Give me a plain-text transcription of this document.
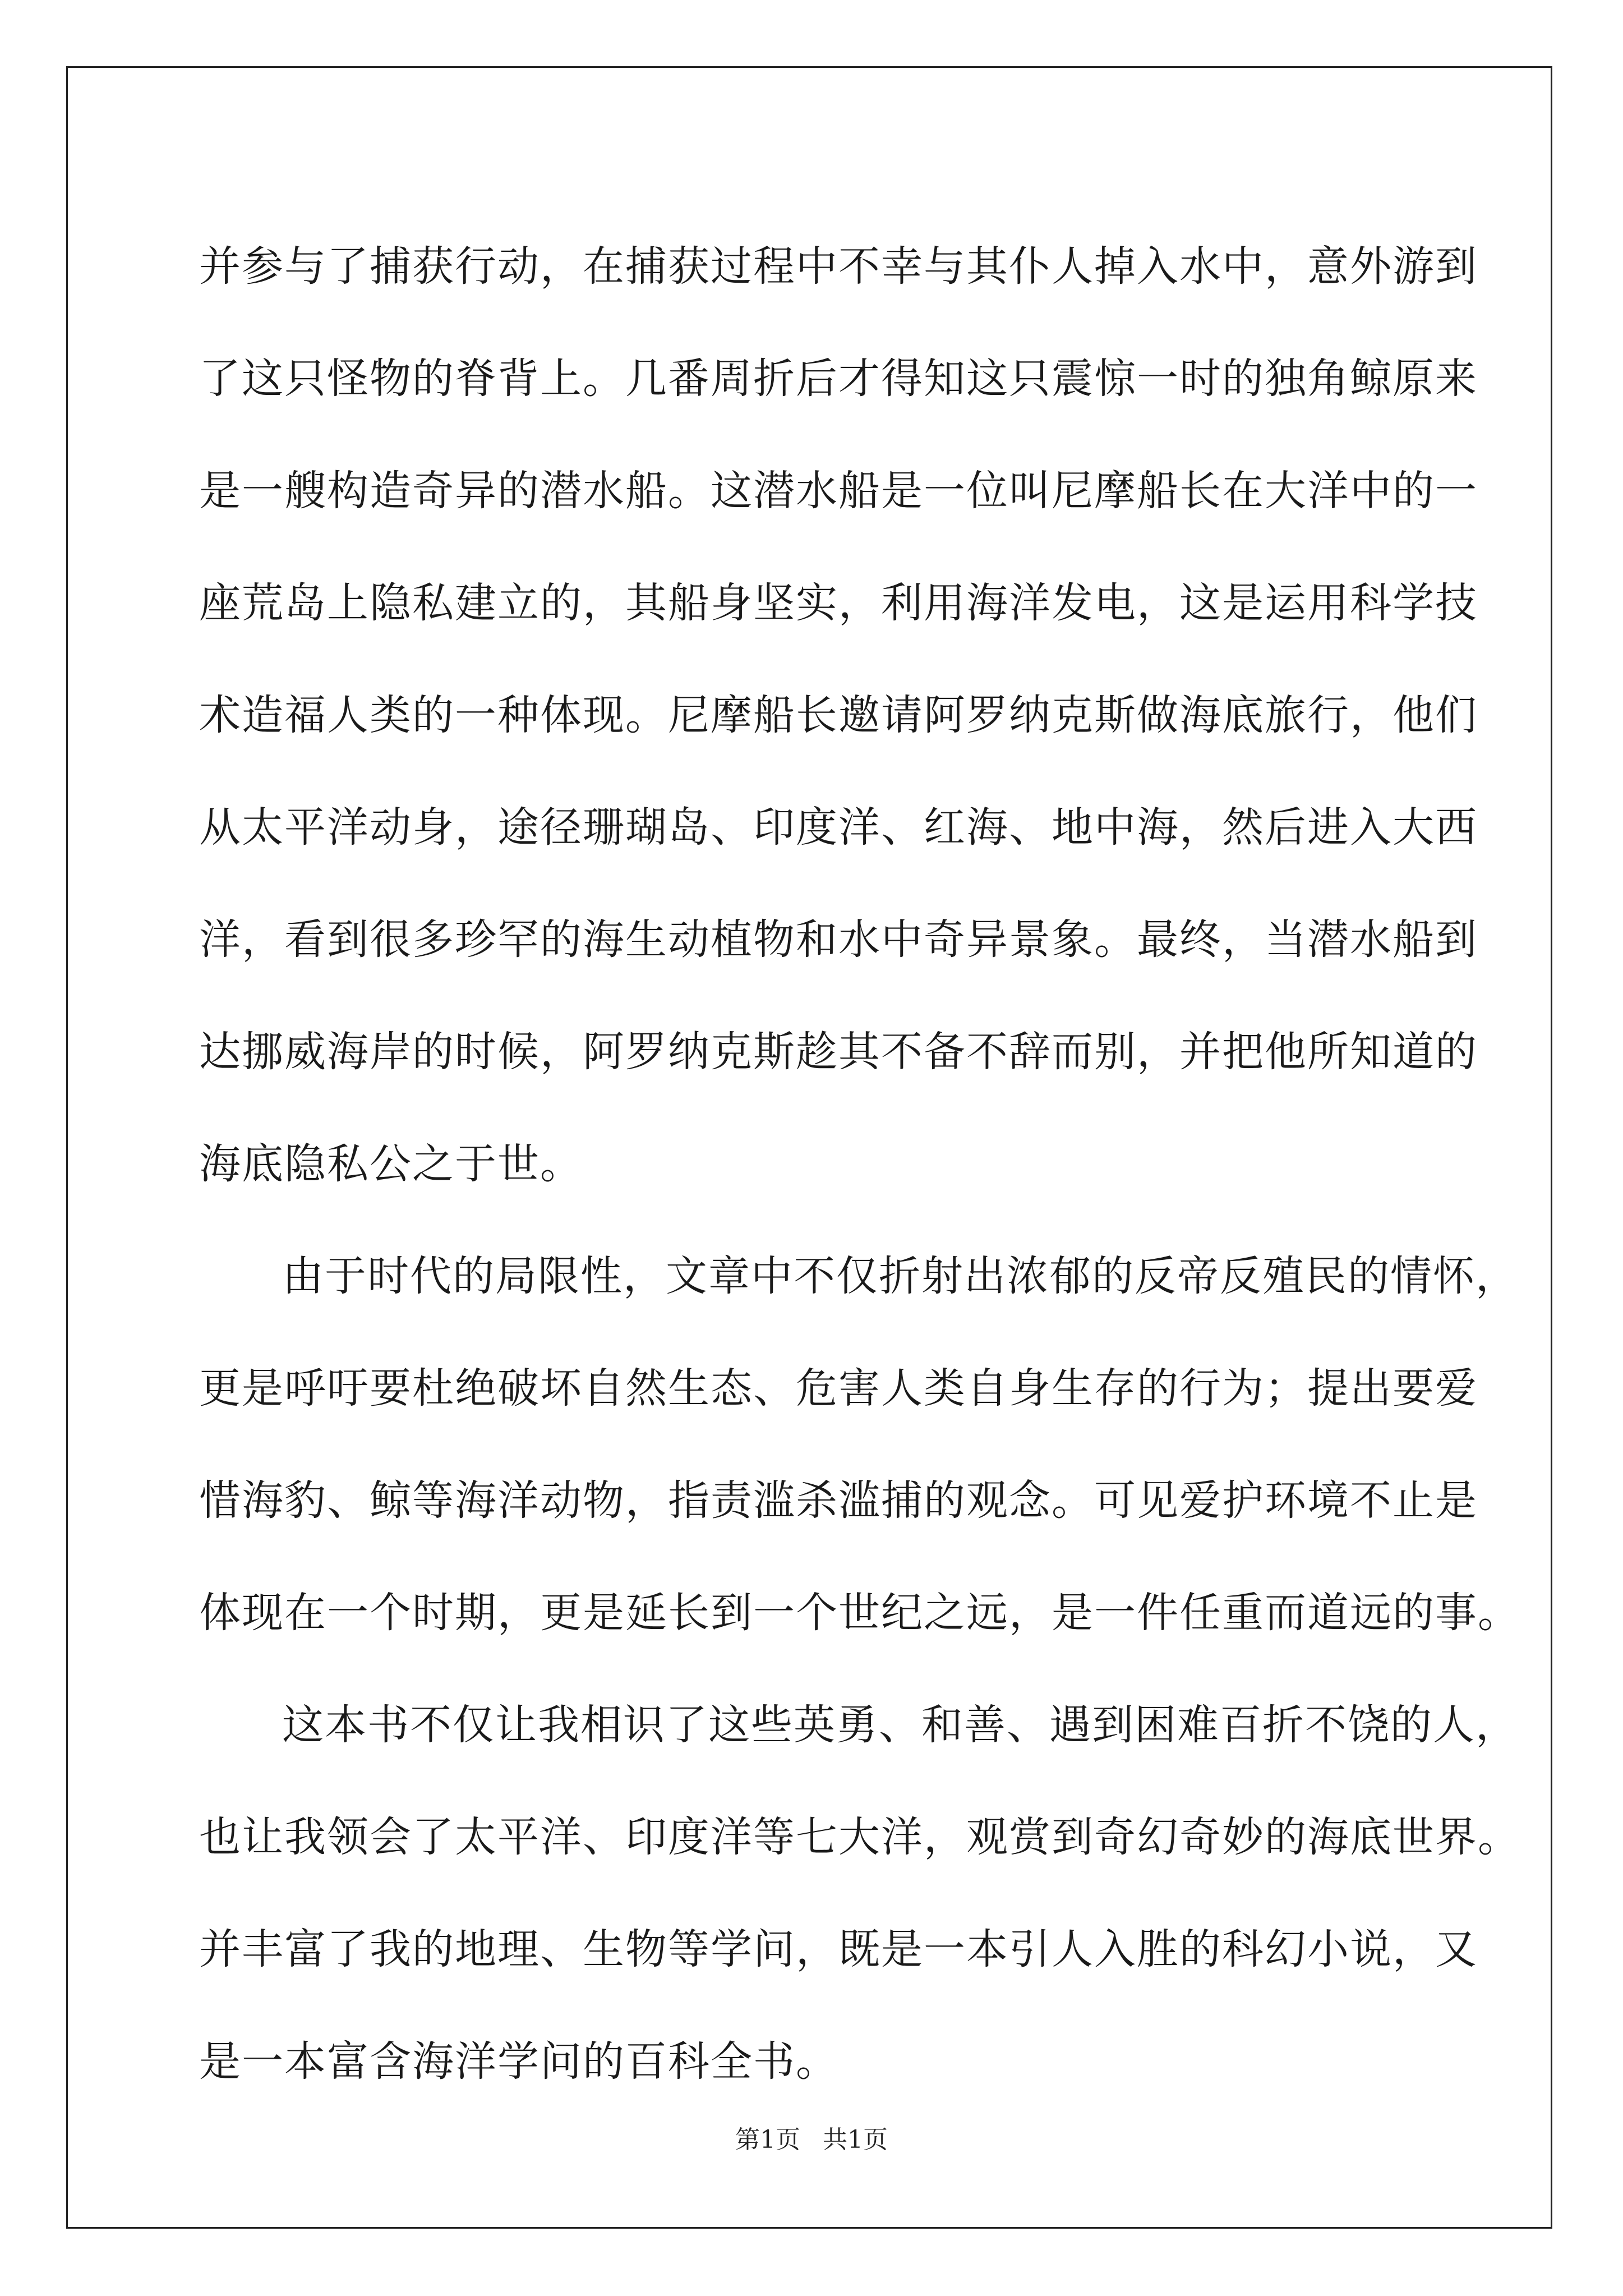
并参与了捕获行动，在捕获过程中不幸与其仆人掉入水中，意外游到
了这只怪物的脊背上。几番周折后才得知这只震惊一时的独角鲸原来
是一艘构造奇异的潜水船。这潜水船是一位叫尼摩船长在大洋中的一
座荒岛上隐私建立的，其船身坚实，利用海洋发电，这是运用科学技
术造福人类的一种体现。尼摩船长邀请阿罗纳克斯做海底旅行，他们
从太平洋动身，途径珊瑚岛、印度洋、红海、地中海，然后进入大西
洋，看到很多珍罕的海生动植物和水中奇异景象。最终，当潜水船到
达挪威海岸的时候，阿罗纳克斯趁其不备不辞而别，并把他所知道的
海底隐私公之于世。
由于时代的局限性，文章中不仅折射出浓郁的反帝反殖民的情怀，
更是呼吁要杜绝破坏自然生态、危害人类自身生存的行为；提出要爱
惜海豹、鲸等海洋动物，指责滥杀滥捕的观念。可见爱护环境不止是
体现在一个时期，更是延长到一个世纪之远，是一件任重而道远的事。
这本书不仅让我相识了这些英勇、和善、遇到困难百折不饶的人，
也让我领会了太平洋、印度洋等七大洋，观赏到奇幻奇妙的海底世界。
并丰富了我的地理、生物等学问，既是一本引人入胜的科幻小说，又
是一本富含海洋学问的百科全书。
第1页 共1页
